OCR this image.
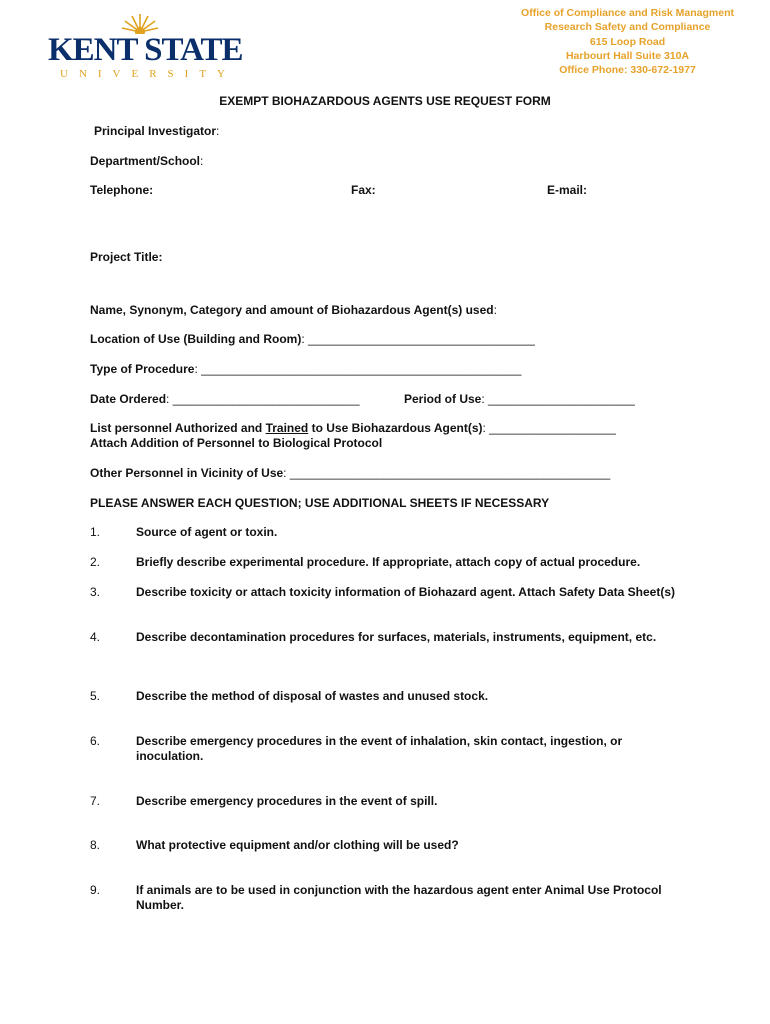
KENT STATE
UNIVERSITY
Office of Compliance and Risk Managment
Research Safety and Compliance
615 Loop Road
Harbourt Hall Suite 310A
Office Phone: 330-672-1977
EXEMPT BIOHAZARDOUS AGENTS USE REQUEST FORM
Principal Investigator:
Department/School:
Telephone:	Fax:	E-mail:
Project Title:
Name, Synonym, Category and amount of Biohazardous Agent(s) used:
Location of Use (Building and Room): __________________________________
Type of Procedure: ________________________________________________
Date Ordered: ____________________________	Period of Use: ______________________
List personnel Authorized and Trained to Use Biohazardous Agent(s): ___________________
Attach Addition of Personnel to Biological Protocol
Other Personnel in Vicinity of Use: ________________________________________________
PLEASE ANSWER EACH QUESTION; USE ADDITIONAL SHEETS IF NECESSARY
1.	Source of agent or toxin.
2.	Briefly describe experimental procedure. If appropriate, attach copy of actual procedure.
3.	Describe toxicity or attach toxicity information of Biohazard agent. Attach Safety Data Sheet(s)
4.	Describe decontamination procedures for surfaces, materials, instruments, equipment, etc.
5.	Describe the method of disposal of wastes and unused stock.
6.	Describe emergency procedures in the event of inhalation, skin contact, ingestion, or inoculation.
7.	Describe emergency procedures in the event of spill.
8.	What protective equipment and/or clothing will be used?
9.	If animals are to be used in conjunction with the hazardous agent enter Animal Use Protocol Number.
